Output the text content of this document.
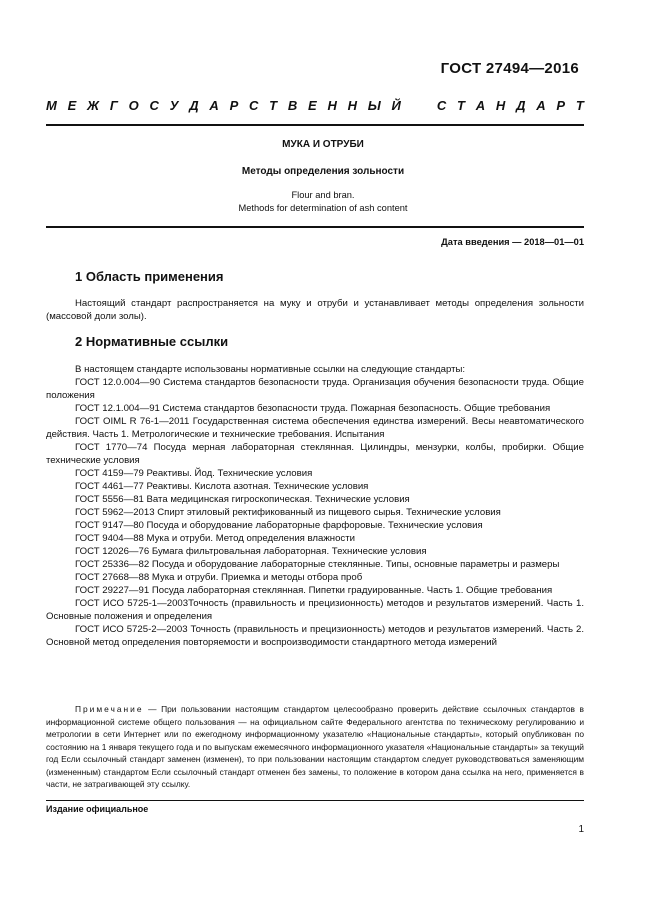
ГОСТ 27494—2016
М Е Ж Г О С У Д А Р С Т В Е Н Н Ы Й
	С Т А Н Д А Р Т
МУКА И ОТРУБИ
Методы определения зольности
Flour and bran.
Methods for determination of ash content
Дата введения — 2018—01—01
1 Область применения

Настоящий стандарт распространяется на муку и отруби и устанавливает методы определения зольности (массовой доли золы).

2 Нормативные ссылки

В настоящем стандарте использованы нормативные ссылки на следующие стандарты:

ГОСТ 12.0.004—90 Система стандартов безопасности труда. Организация обучения безопасности труда. Общие положения

ГОСТ 12.1.004—91 Система стандартов безопасности труда. Пожарная безопасность. Общие требования

ГОСТ OIML R 76-1—2011 Государственная система обеспечения единства измерений. Весы неавтоматического действия. Часть 1. Метрологические и технические требования. Испытания

ГОСТ 1770—74 Посуда мерная лабораторная стеклянная. Цилиндры, мензурки, колбы, пробирки. Общие технические условия

ГОСТ 4159—79 Реактивы. Йод. Технические условия

ГОСТ 4461—77 Реактивы. Кислота азотная. Технические условия

ГОСТ 5556—81 Вата медицинская гигроскопическая. Технические условия

ГОСТ 5962—2013 Спирт этиловый ректификованный из пищевого сырья. Технические условия

ГОСТ 9147—80 Посуда и оборудование лабораторные фарфоровые. Технические условия

ГОСТ 9404—88 Мука и отруби. Метод определения влажности

ГОСТ 12026—76 Бумага фильтровальная лабораторная. Технические условия

ГОСТ 25336—82 Посуда и оборудование лабораторные стеклянные. Типы, основные параметры и размеры

ГОСТ 27668—88 Мука и отруби. Приемка и методы отбора проб

ГОСТ 29227—91 Посуда лабораторная стеклянная. Пипетки градуированные. Часть 1. Общие требования

ГОСТ ИСО 5725-1—2003Точность (правильность и прецизионность) методов и результатов измерений. Часть 1. Основные положения и определения

ГОСТ ИСО 5725-2—2003 Точность (правильность и прецизионность) методов и результатов измерений. Часть 2. Основной метод определения повторяемости и воспроизводимости стандартного метода измерений

Примечание — При пользовании настоящим стандартом целесообразно проверить действие ссылочных стандартов в информационной системе общего пользования — на официальном сайте Федерального агентства по техническому регулированию и метрологии в сети Интернет или по ежегодному информационному указателю «Национальные стандарты», который опубликован по состоянию на 1 января текущего года и по выпускам ежемесячного информационного указателя «Национальные стандарты» за текущий год Если ссылочный стандарт заменен (изменен), то при пользовании настоящим стандартом следует руководствоваться заменяющим (измененным) стандартом Если ссылочный стандарт отменен без замены, то положение в котором дана ссылка на него, применяется в части, не затрагивающей эту ссылку.

Издание официальное
1
